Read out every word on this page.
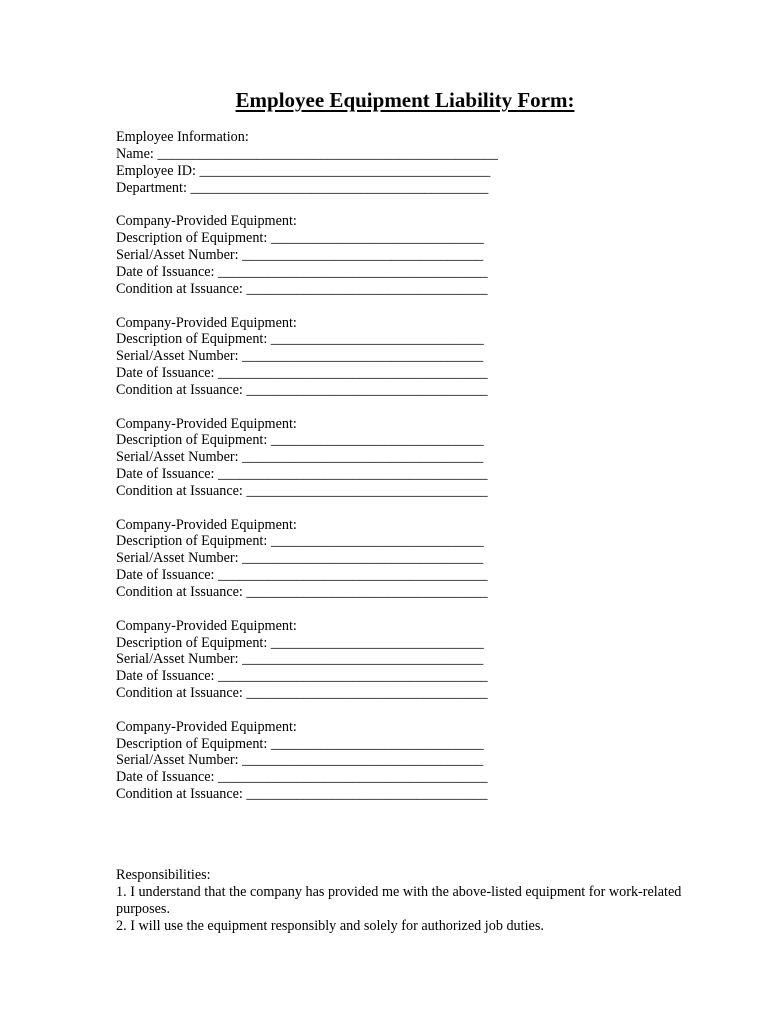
Employee Equipment Liability Form:
Employee Information:
Name: ________________________________________________
Employee ID: _________________________________________
Department: __________________________________________
Company-Provided Equipment:
Description of Equipment: ______________________________
Serial/Asset Number: __________________________________
Date of Issuance: ______________________________________
Condition at Issuance: __________________________________
Company-Provided Equipment:
Description of Equipment: ______________________________
Serial/Asset Number: __________________________________
Date of Issuance: ______________________________________
Condition at Issuance: __________________________________
Company-Provided Equipment:
Description of Equipment: ______________________________
Serial/Asset Number: __________________________________
Date of Issuance: ______________________________________
Condition at Issuance: __________________________________
Company-Provided Equipment:
Description of Equipment: ______________________________
Serial/Asset Number: __________________________________
Date of Issuance: ______________________________________
Condition at Issuance: __________________________________
Company-Provided Equipment:
Description of Equipment: ______________________________
Serial/Asset Number: __________________________________
Date of Issuance: ______________________________________
Condition at Issuance: __________________________________
Company-Provided Equipment:
Description of Equipment: ______________________________
Serial/Asset Number: __________________________________
Date of Issuance: ______________________________________
Condition at Issuance: __________________________________
Responsibilities:
1. I understand that the company has provided me with the above-listed equipment for work-related purposes.
2. I will use the equipment responsibly and solely for authorized job duties.
